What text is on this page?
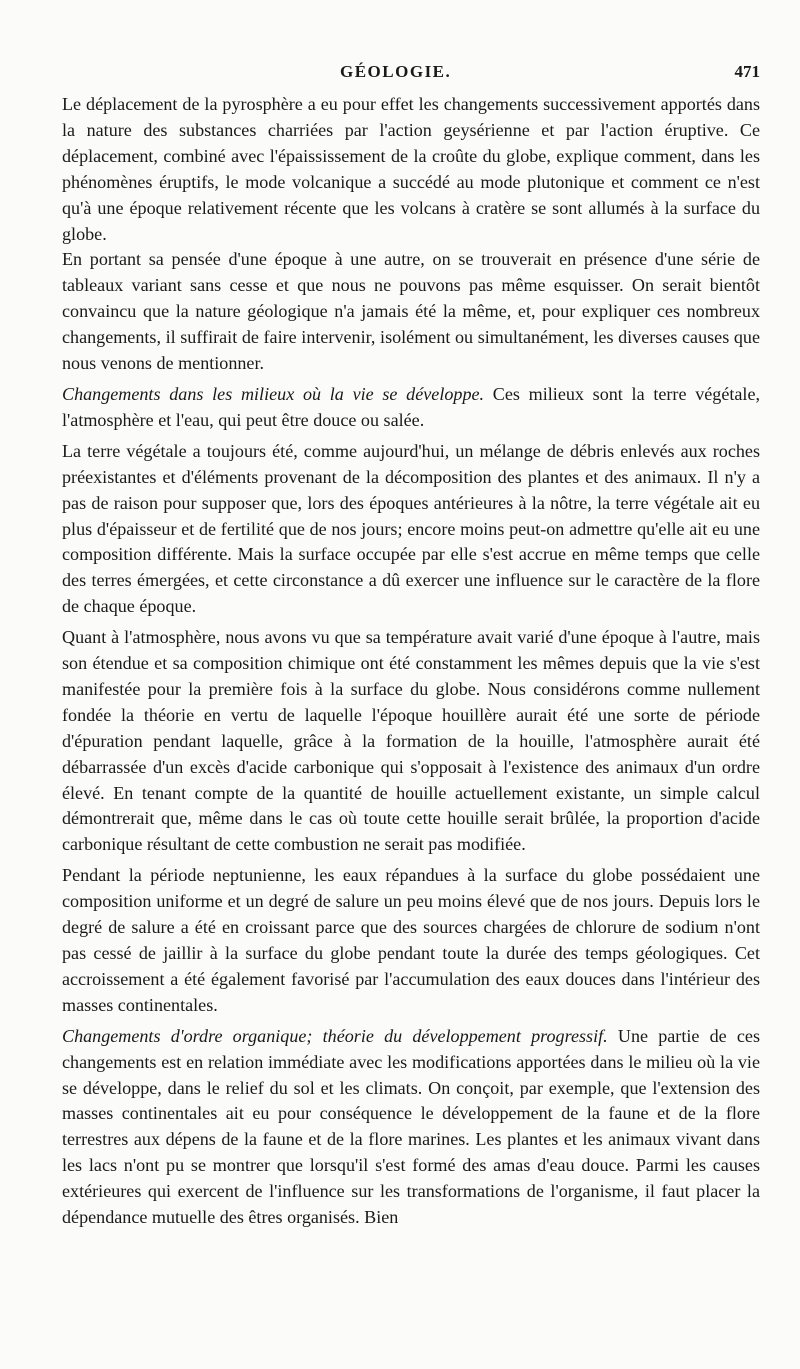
GÉOLOGIE.	471

Le déplacement de la pyrosphère a eu pour effet les changements successivement apportés dans la nature des substances charriées par l'action geysérienne et par l'action éruptive. Ce déplacement, combiné avec l'épaississement de la croûte du globe, explique comment, dans les phénomènes éruptifs, le mode volcanique a succédé au mode plutonique et comment ce n'est qu'à une époque relativement récente que les volcans à cratère se sont allumés à la surface du globe.

En portant sa pensée d'une époque à une autre, on se trouverait en présence d'une série de tableaux variant sans cesse et que nous ne pouvons pas même esquisser. On serait bientôt convaincu que la nature géologique n'a jamais été la même, et, pour expliquer ces nombreux changements, il suffirait de faire intervenir, isolément ou simultanément, les diverses causes que nous venons de mentionner.

Changements dans les milieux où la vie se développe. Ces milieux sont la terre végétale, l'atmosphère et l'eau, qui peut être douce ou salée.

La terre végétale a toujours été, comme aujourd'hui, un mélange de débris enlevés aux roches préexistantes et d'éléments provenant de la décomposition des plantes et des animaux. Il n'y a pas de raison pour supposer que, lors des époques antérieures à la nôtre, la terre végétale ait eu plus d'épaisseur et de fertilité que de nos jours; encore moins peut-on admettre qu'elle ait eu une composition différente. Mais la surface occupée par elle s'est accrue en même temps que celle des terres émergées, et cette circonstance a dû exercer une influence sur le caractère de la flore de chaque époque.

Quant à l'atmosphère, nous avons vu que sa température avait varié d'une époque à l'autre, mais son étendue et sa composition chimique ont été constamment les mêmes depuis que la vie s'est manifestée pour la première fois à la surface du globe. Nous considérons comme nullement fondée la théorie en vertu de laquelle l'époque houillère aurait été une sorte de période d'épuration pendant laquelle, grâce à la formation de la houille, l'atmosphère aurait été débarrassée d'un excès d'acide carbonique qui s'opposait à l'existence des animaux d'un ordre élevé. En tenant compte de la quantité de houille actuellement existante, un simple calcul démontrerait que, même dans le cas où toute cette houille serait brûlée, la proportion d'acide carbonique résultant de cette combustion ne serait pas modifiée.

Pendant la période neptunienne, les eaux répandues à la surface du globe possédaient une composition uniforme et un degré de salure un peu moins élevé que de nos jours. Depuis lors le degré de salure a été en croissant parce que des sources chargées de chlorure de sodium n'ont pas cessé de jaillir à la surface du globe pendant toute la durée des temps géologiques. Cet accroissement a été également favorisé par l'accumulation des eaux douces dans l'intérieur des masses continentales.

Changements d'ordre organique; théorie du développement progressif. Une partie de ces changements est en relation immédiate avec les modifications apportées dans le milieu où la vie se développe, dans le relief du sol et les climats. On conçoit, par exemple, que l'extension des masses continentales ait eu pour conséquence le développement de la faune et de la flore terrestres aux dépens de la faune et de la flore marines. Les plantes et les animaux vivant dans les lacs n'ont pu se montrer que lorsqu'il s'est formé des amas d'eau douce. Parmi les causes extérieures qui exercent de l'influence sur les transformations de l'organisme, il faut placer la dépendance mutuelle des êtres organisés. Bien
